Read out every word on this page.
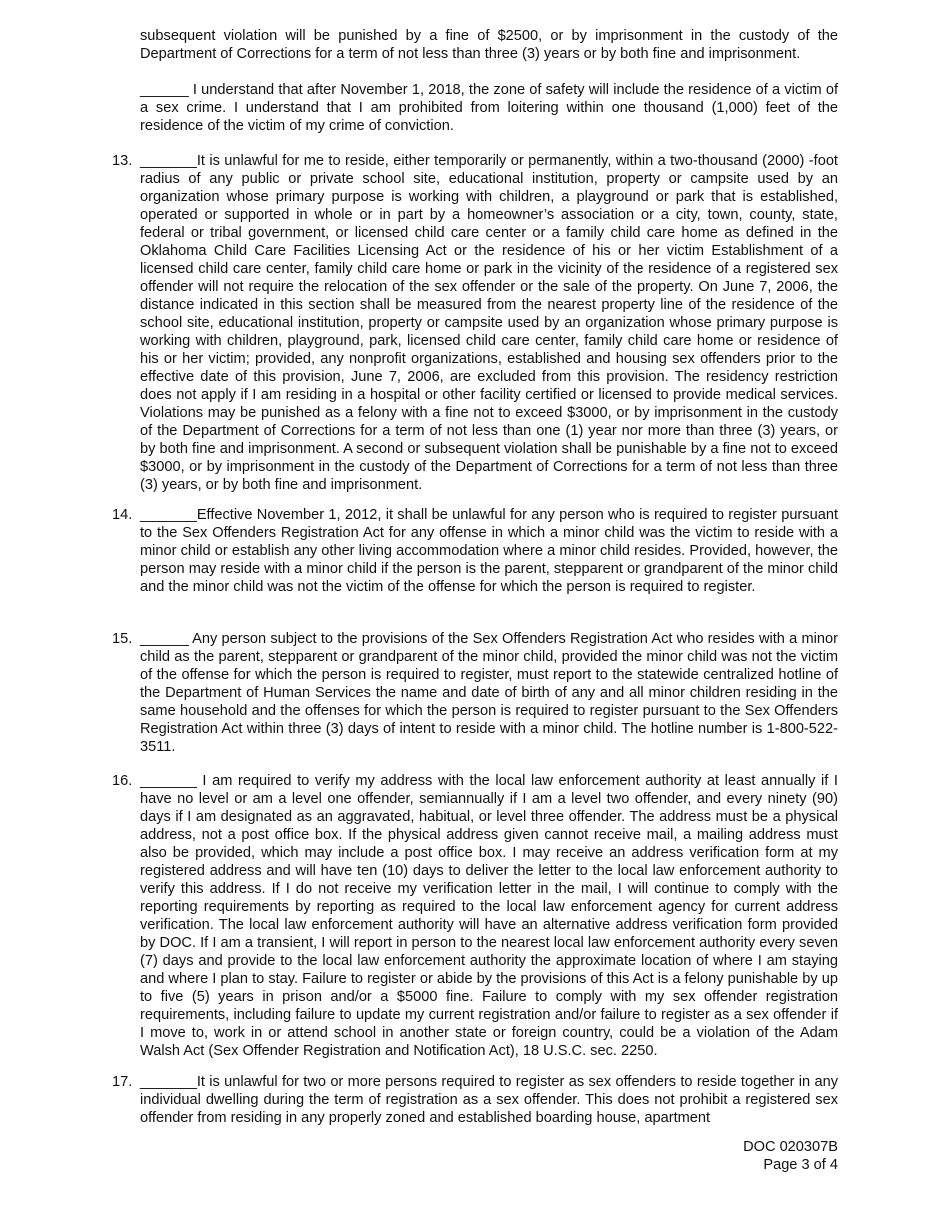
subsequent violation will be punished by a fine of $2500, or by imprisonment in the custody of the Department of Corrections for a term of not less than three (3) years or by both fine and imprisonment.

______ I understand that after November 1, 2018, the zone of safety will include the residence of a victim of a sex crime. I understand that I am prohibited from loitering within one thousand (1,000) feet of the residence of the victim of my crime of conviction.

13. _______It is unlawful for me to reside, either temporarily or permanently, within a two-thousand (2000) -foot radius of any public or private school site, educational institution, property or campsite used by an organization whose primary purpose is working with children, a playground or park that is established, operated or supported in whole or in part by a homeowner’s association or a city, town, county, state, federal or tribal government, or licensed child care center or a family child care home as defined in the Oklahoma Child Care Facilities Licensing Act or the residence of his or her victim Establishment of a licensed child care center, family child care home or park in the vicinity of the residence of a registered sex offender will not require the relocation of the sex offender or the sale of the property. On June 7, 2006, the distance indicated in this section shall be measured from the nearest property line of the residence of the school site, educational institution, property or campsite used by an organization whose primary purpose is working with children, playground, park, licensed child care center, family child care home or residence of his or her victim; provided, any nonprofit organizations, established and housing sex offenders prior to the effective date of this provision, June 7, 2006, are excluded from this provision. The residency restriction does not apply if I am residing in a hospital or other facility certified or licensed to provide medical services. Violations may be punished as a felony with a fine not to exceed $3000, or by imprisonment in the custody of the Department of Corrections for a term of not less than one (1) year nor more than three (3) years, or by both fine and imprisonment. A second or subsequent violation shall be punishable by a fine not to exceed $3000, or by imprisonment in the custody of the Department of Corrections for a term of not less than three (3) years, or by both fine and imprisonment.

14. _______Effective November 1, 2012, it shall be unlawful for any person who is required to register pursuant to the Sex Offenders Registration Act for any offense in which a minor child was the victim to reside with a minor child or establish any other living accommodation where a minor child resides. Provided, however, the person may reside with a minor child if the person is the parent, stepparent or grandparent of the minor child and the minor child was not the victim of the offense for which the person is required to register.

15. ______ Any person subject to the provisions of the Sex Offenders Registration Act who resides with a minor child as the parent, stepparent or grandparent of the minor child, provided the minor child was not the victim of the offense for which the person is required to register, must report to the statewide centralized hotline of the Department of Human Services the name and date of birth of any and all minor children residing in the same household and the offenses for which the person is required to register pursuant to the Sex Offenders Registration Act within three (3) days of intent to reside with a minor child. The hotline number is 1-800-522-3511.

16. _______ I am required to verify my address with the local law enforcement authority at least annually if I have no level or am a level one offender, semiannually if I am a level two offender, and every ninety (90) days if I am designated as an aggravated, habitual, or level three offender. The address must be a physical address, not a post office box. If the physical address given cannot receive mail, a mailing address must also be provided, which may include a post office box. I may receive an address verification form at my registered address and will have ten (10) days to deliver the letter to the local law enforcement authority to verify this address. If I do not receive my verification letter in the mail, I will continue to comply with the reporting requirements by reporting as required to the local law enforcement agency for current address verification. The local law enforcement authority will have an alternative address verification form provided by DOC. If I am a transient, I will report in person to the nearest local law enforcement authority every seven (7) days and provide to the local law enforcement authority the approximate location of where I am staying and where I plan to stay. Failure to register or abide by the provisions of this Act is a felony punishable by up to five (5) years in prison and/or a $5000 fine. Failure to comply with my sex offender registration requirements, including failure to update my current registration and/or failure to register as a sex offender if I move to, work in or attend school in another state or foreign country, could be a violation of the Adam Walsh Act (Sex Offender Registration and Notification Act), 18 U.S.C. sec. 2250.

17. _______It is unlawful for two or more persons required to register as sex offenders to reside together in any individual dwelling during the term of registration as a sex offender. This does not prohibit a registered sex offender from residing in any properly zoned and established boarding house, apartment

DOC 020307B

Page 3 of 4
